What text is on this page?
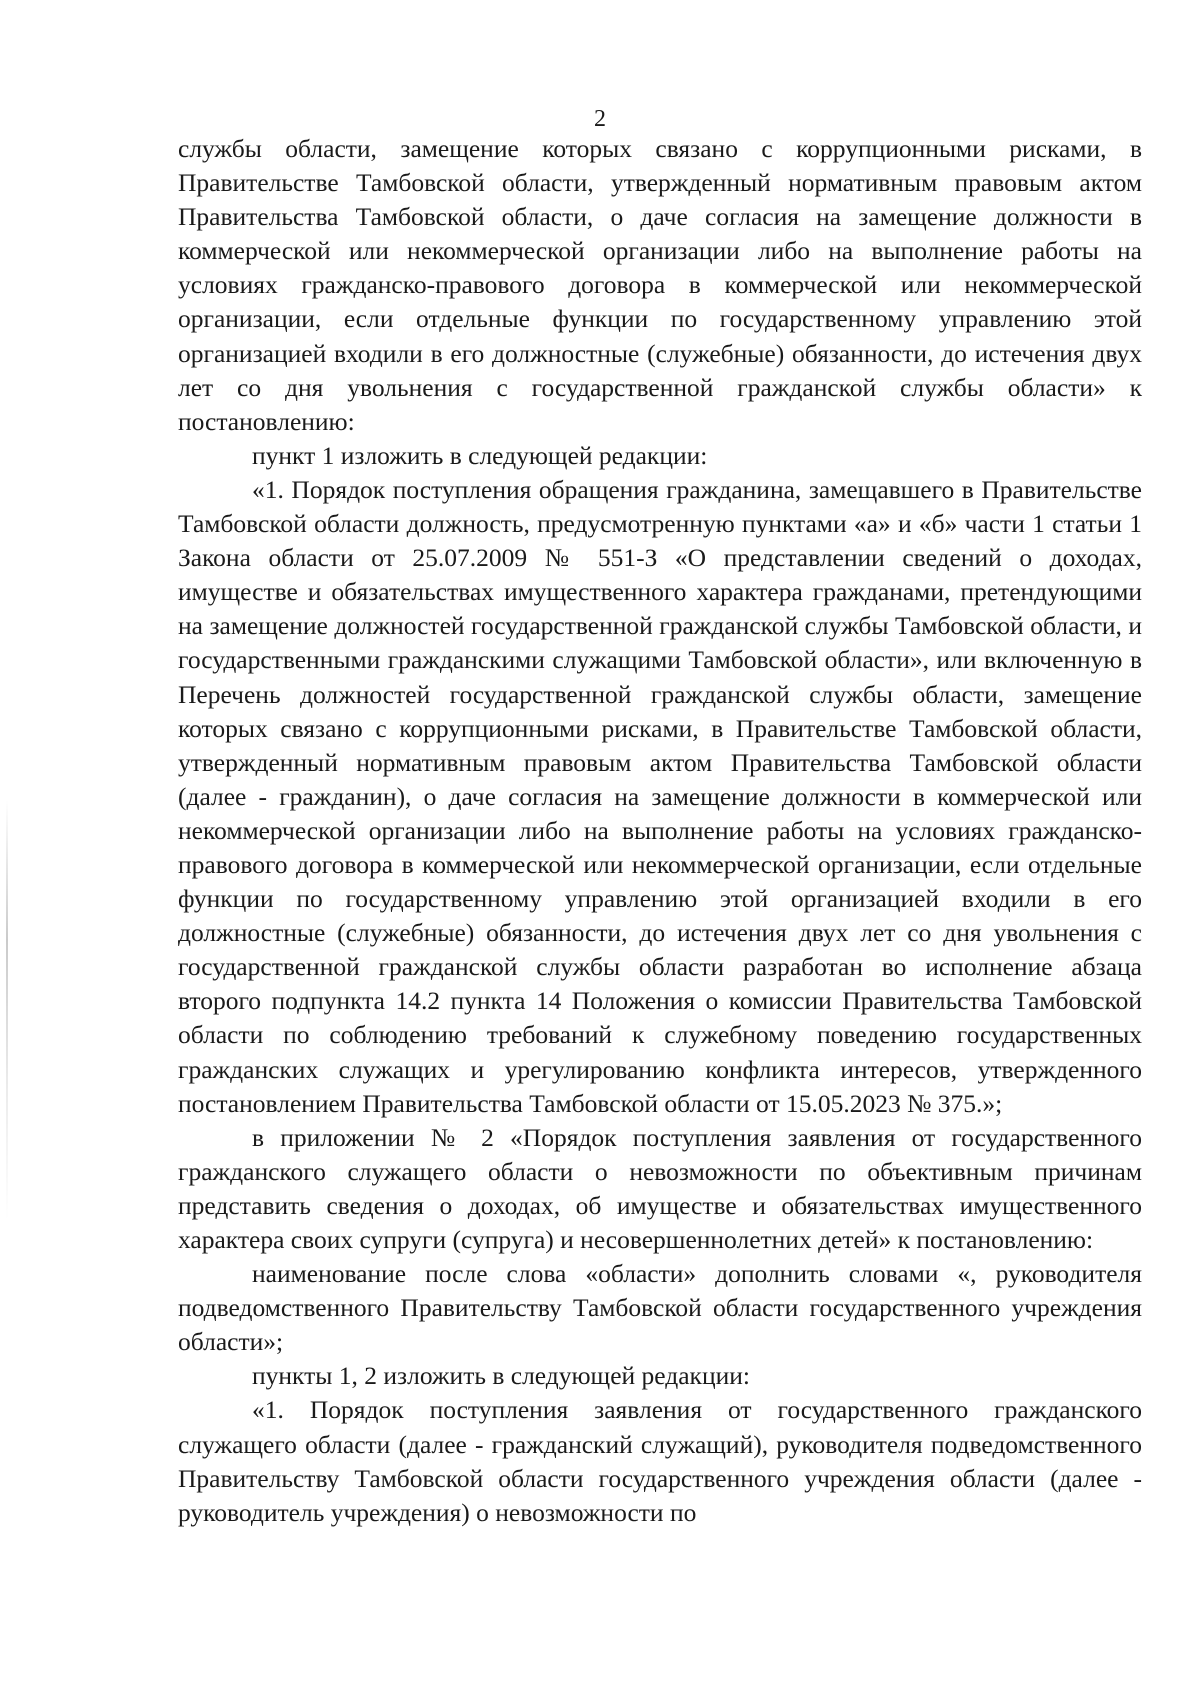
2

службы области, замещение которых связано с коррупционными рисками, в Правительстве Тамбовской области, утвержденный нормативным правовым актом Правительства Тамбовской области, о даче согласия на замещение должности в коммерческой или некоммерческой организации либо на выполнение работы на условиях гражданско-правового договора в коммерческой или некоммерческой организации, если отдельные функции по государственному управлению этой организацией входили в его должностные (служебные) обязанности, до истечения двух лет со дня увольнения с государственной гражданской службы области» к постановлению:

пункт 1 изложить в следующей редакции:

«1. Порядок поступления обращения гражданина, замещавшего в Правительстве Тамбовской области должность, предусмотренную пунктами «а» и «б» части 1 статьи 1 Закона области от 25.07.2009 № 551-З «О представлении сведений о доходах, имуществе и обязательствах имущественного характера гражданами, претендующими на замещение должностей государственной гражданской службы Тамбовской области, и государственными гражданскими служащими Тамбовской области», или включенную в Перечень должностей государственной гражданской службы области, замещение которых связано с коррупционными рисками, в Правительстве Тамбовской области, утвержденный нормативным правовым актом Правительства Тамбовской области (далее - гражданин), о даче согласия на замещение должности в коммерческой или некоммерческой организации либо на выполнение работы на условиях гражданско-правового договора в коммерческой или некоммерческой организации, если отдельные функции по государственному управлению этой организацией входили в его должностные (служебные) обязанности, до истечения двух лет со дня увольнения с государственной гражданской службы области разработан во исполнение абзаца второго подпункта 14.2 пункта 14 Положения о комиссии Правительства Тамбовской области по соблюдению требований к служебному поведению государственных гражданских служащих и урегулированию конфликта интересов, утвержденного постановлением Правительства Тамбовской области от 15.05.2023 № 375.»;

в приложении № 2 «Порядок поступления заявления от государственного гражданского служащего области о невозможности по объективным причинам представить сведения о доходах, об имуществе и обязательствах имущественного характера своих супруги (супруга) и несовершеннолетних детей» к постановлению:

наименование после слова «области» дополнить словами «, руководителя подведомственного Правительству Тамбовской области государственного учреждения области»;

пункты 1, 2 изложить в следующей редакции:

«1. Порядок поступления заявления от государственного гражданского служащего области (далее - гражданский служащий), руководителя подведомственного Правительству Тамбовской области государственного учреждения области (далее - руководитель учреждения) о невозможности по
